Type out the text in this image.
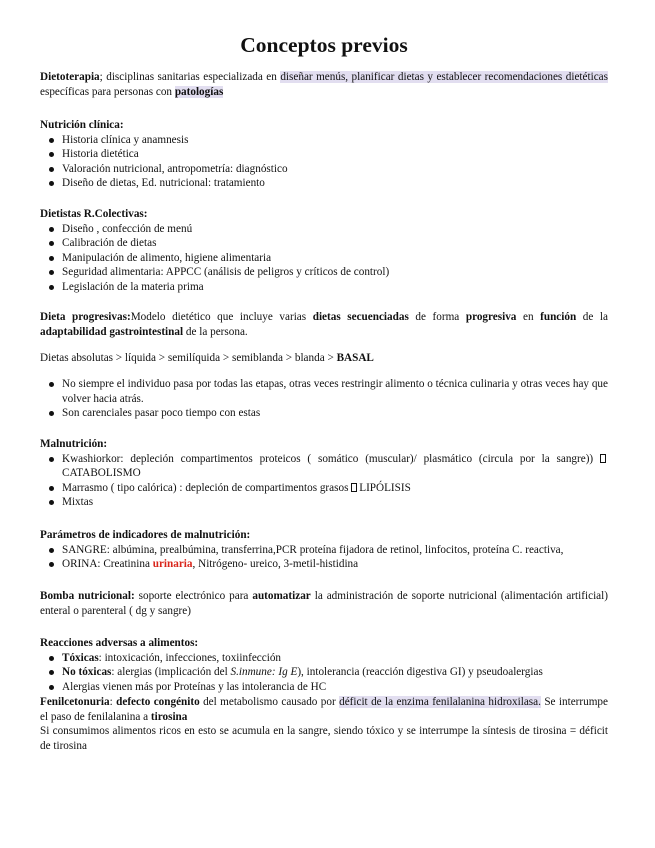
Conceptos previos

Dietoterapia; disciplinas sanitarias especializada en diseñar menús, planificar dietas y establecer recomendaciones dietéticas específicas para personas con patologías

Nutrición clínica:

Historia clínica y anamnesis
Historia dietética
Valoración nutricional, antropometría: diagnóstico
Diseño de dietas, Ed. nutricional: tratamiento

Dietistas R.Colectivas:

Diseño , confección de menú
Calibración de dietas
Manipulación de alimento, higiene alimentaria
Seguridad alimentaria: APPCC (análisis de peligros y críticos de control)
Legislación de la materia prima

Dieta progresivas:Modelo dietético que incluye varias dietas secuenciadas de forma progresiva en función de la adaptabilidad gastrointestinal de la persona.

Dietas absolutas > líquida > semilíquida > semiblanda > blanda > BASAL

No siempre el individuo pasa por todas las etapas, otras veces restringir alimento o técnica culinaria y otras veces hay que volver hacia atrás.
Son carenciales pasar poco tiempo con estas

Malnutrición:

Kwashiorkor: depleción compartimentos proteicos ( somático (muscular)/ plasmático (circula por la sangre)) CATABOLISMO
Marrasmo ( tipo calórica) : depleción de compartimentos grasos LIPÓLISIS
Mixtas

Parámetros de indicadores de malnutrición:

SANGRE: albúmina, prealbúmina, transferrina,PCR proteína fijadora de retinol, linfocitos, proteína C. reactiva,
ORINA: Creatinina urinaria, Nitrógeno- ureico, 3-metil-histidina

Bomba nutricional: soporte electrónico para automatizar la administración de soporte nutricional (alimentación artificial) enteral o parenteral ( dg y sangre)

Reacciones adversas a alimentos:

Tóxicas: intoxicación, infecciones, toxiinfección
No tóxicas: alergias (implicación del S.inmune: Ig E), intolerancia (reacción digestiva GI) y pseudoalergias
Alergias vienen más por Proteínas y las intolerancia de HC

Fenilcetonuria: defecto congénito del metabolismo causado por déficit de la enzima fenilalanina hidroxilasa. Se interrumpe el paso de fenilalanina a tirosina

Si consumimos alimentos ricos en esto se acumula en la sangre, siendo tóxico y se interrumpe la síntesis de tirosina = déficit de tirosina
